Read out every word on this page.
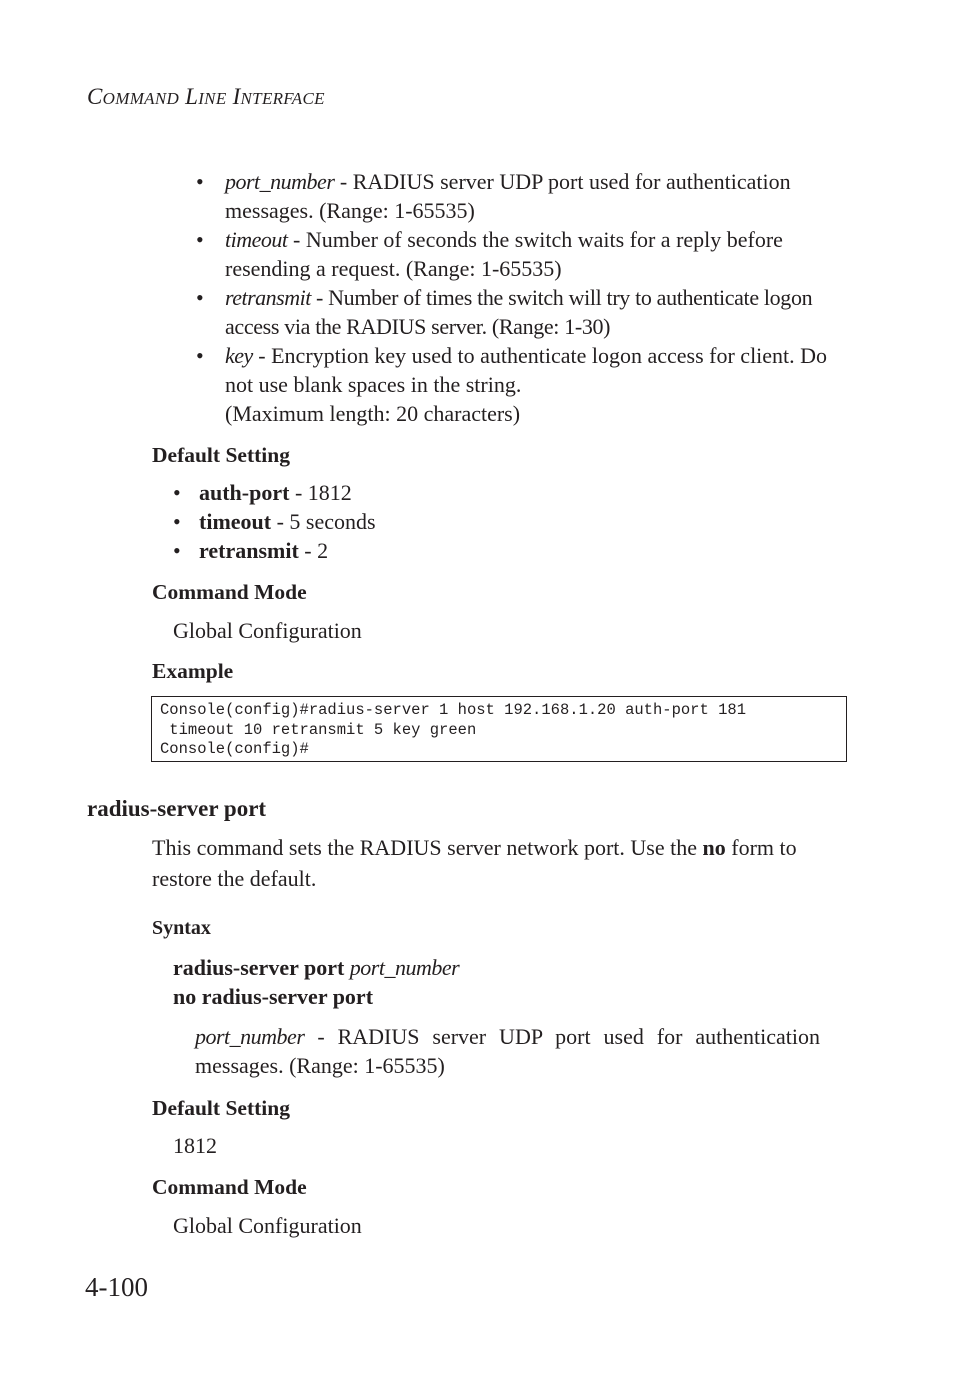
COMMAND LINE INTERFACE
• port_number - RADIUS server UDP port used for authentication messages. (Range: 1-65535)
• timeout - Number of seconds the switch waits for a reply before resending a request. (Range: 1-65535)
• retransmit - Number of times the switch will try to authenticate logon access via the RADIUS server. (Range: 1-30)
• key - Encryption key used to authenticate logon access for client. Do not use blank spaces in the string.
(Maximum length: 20 characters)
Default Setting
• auth-port - 1812
• timeout - 5 seconds
• retransmit - 2
Command Mode
Global Configuration
Example
Console(config)#radius-server 1 host 192.168.1.20 auth-port 181
timeout 10 retransmit 5 key green
Console(config)#
radius-server port
This command sets the RADIUS server network port. Use the no form to restore the default.
Syntax
radius-server port port_number
no radius-server port
port_number - RADIUS server UDP port used for authentication messages. (Range: 1-65535)
Default Setting
1812
Command Mode
Global Configuration
4-100
